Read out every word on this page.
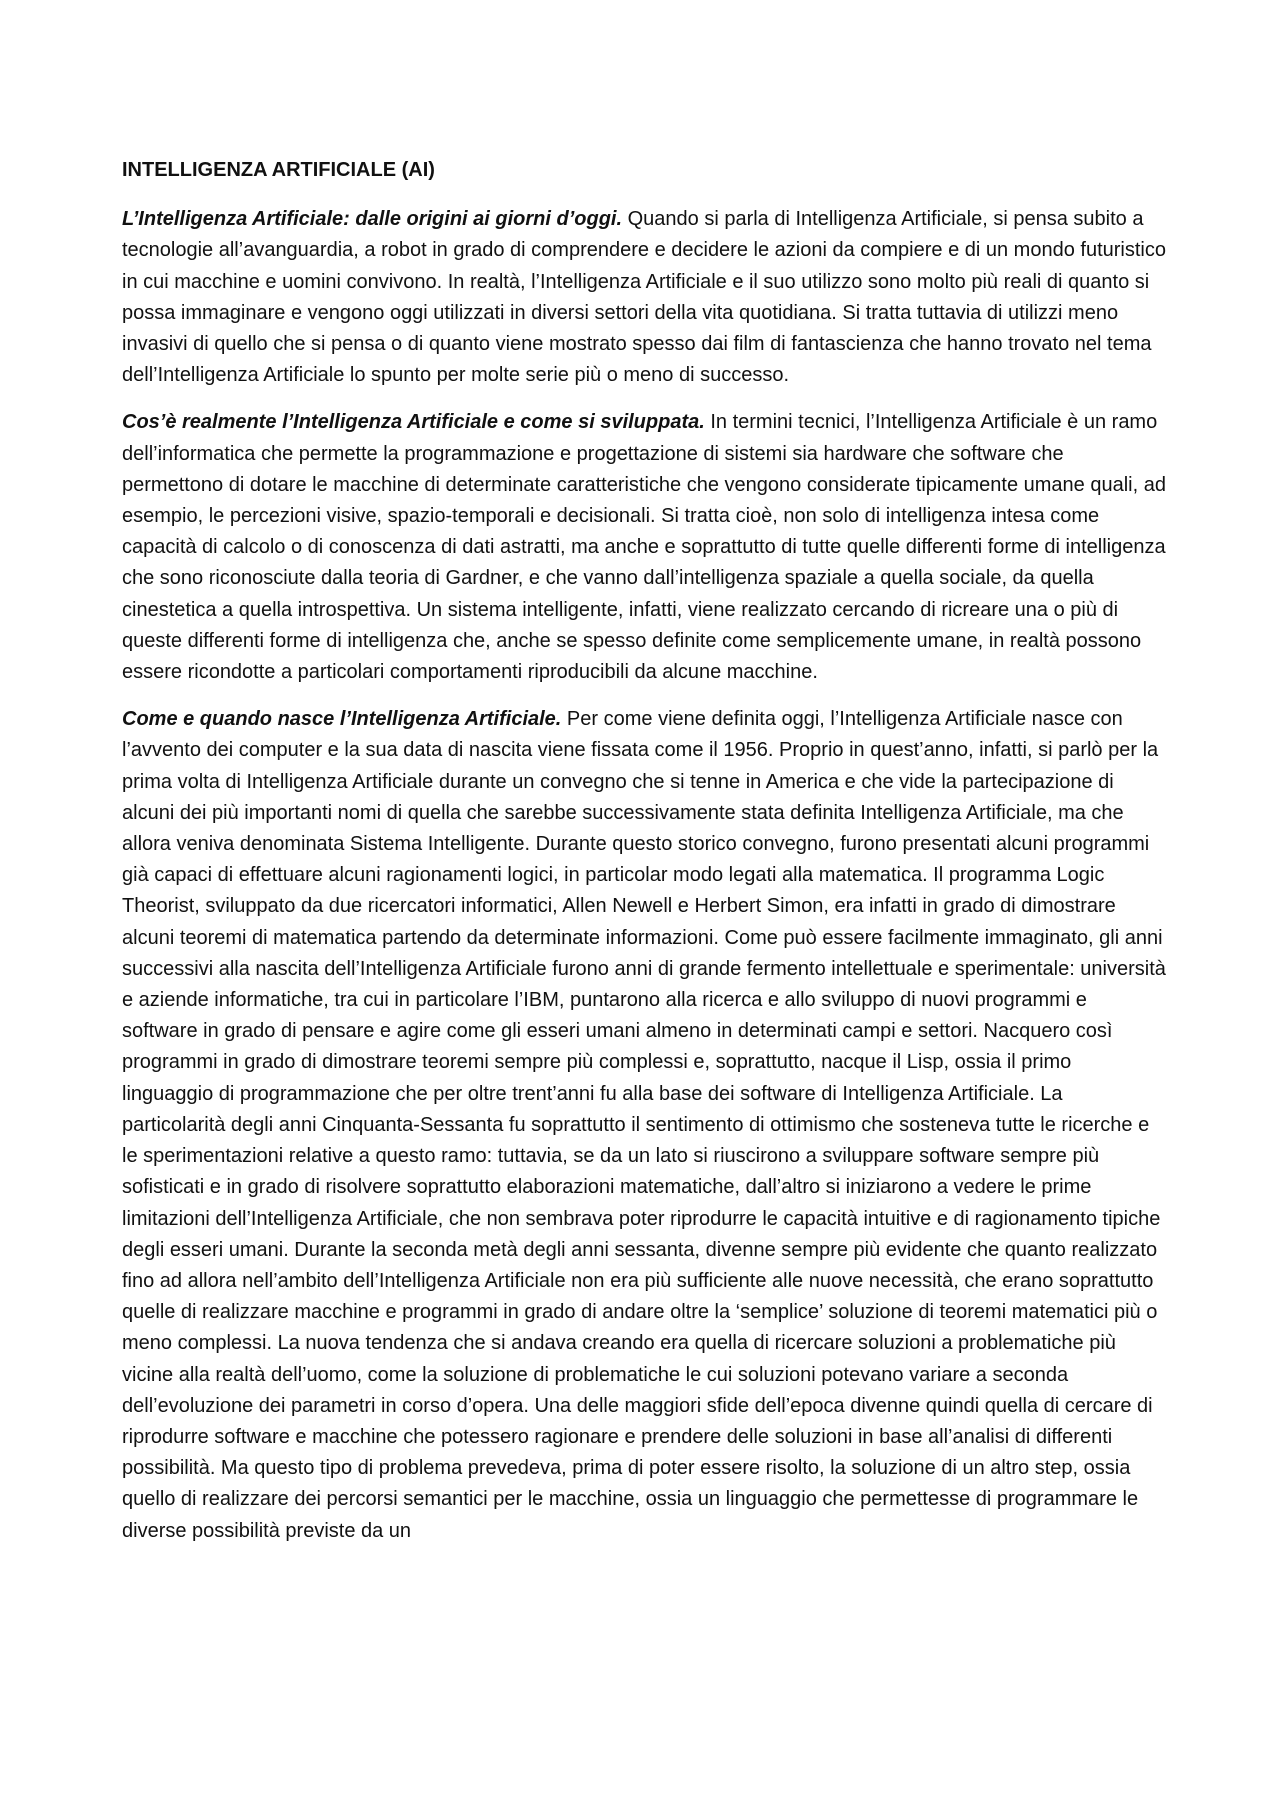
INTELLIGENZA ARTIFICIALE (AI)

L’Intelligenza Artificiale: dalle origini ai giorni d’oggi. Quando si parla di Intelligenza Artificiale, si pensa subito a tecnologie all’avanguardia, a robot in grado di comprendere e decidere le azioni da compiere e di un mondo futuristico in cui macchine e uomini convivono. In realtà, l’Intelligenza Artificiale e il suo utilizzo sono molto più reali di quanto si possa immaginare e vengono oggi utilizzati in diversi settori della vita quotidiana. Si tratta tuttavia di utilizzi meno invasivi di quello che si pensa o di quanto viene mostrato spesso dai film di fantascienza che hanno trovato nel tema dell’Intelligenza Artificiale lo spunto per molte serie più o meno di successo.

Cos’è realmente l’Intelligenza Artificiale e come si sviluppata. In termini tecnici, l’Intelligenza Artificiale è un ramo dell’informatica che permette la programmazione e progettazione di sistemi sia hardware che software che permettono di dotare le macchine di determinate caratteristiche che vengono considerate tipicamente umane quali, ad esempio, le percezioni visive, spazio-temporali e decisionali. Si tratta cioè, non solo di intelligenza intesa come capacità di calcolo o di conoscenza di dati astratti, ma anche e soprattutto di tutte quelle differenti forme di intelligenza che sono riconosciute dalla teoria di Gardner, e che vanno dall’intelligenza spaziale a quella sociale, da quella cinestetica a quella introspettiva. Un sistema intelligente, infatti, viene realizzato cercando di ricreare una o più di queste differenti forme di intelligenza che, anche se spesso definite come semplicemente umane, in realtà possono essere ricondotte a particolari comportamenti riproducibili da alcune macchine.

Come e quando nasce l’Intelligenza Artificiale. Per come viene definita oggi, l’Intelligenza Artificiale nasce con l’avvento dei computer e la sua data di nascita viene fissata come il 1956. Proprio in quest’anno, infatti, si parlò per la prima volta di Intelligenza Artificiale durante un convegno che si tenne in America e che vide la partecipazione di alcuni dei più importanti nomi di quella che sarebbe successivamente stata definita Intelligenza Artificiale, ma che allora veniva denominata Sistema Intelligente. Durante questo storico convegno, furono presentati alcuni programmi già capaci di effettuare alcuni ragionamenti logici, in particolar modo legati alla matematica. Il programma Logic Theorist, sviluppato da due ricercatori informatici, Allen Newell e Herbert Simon, era infatti in grado di dimostrare alcuni teoremi di matematica partendo da determinate informazioni. Come può essere facilmente immaginato, gli anni successivi alla nascita dell’Intelligenza Artificiale furono anni di grande fermento intellettuale e sperimentale: università e aziende informatiche, tra cui in particolare l’IBM, puntarono alla ricerca e allo sviluppo di nuovi programmi e software in grado di pensare e agire come gli esseri umani almeno in determinati campi e settori. Nacquero così programmi in grado di dimostrare teoremi sempre più complessi e, soprattutto, nacque il Lisp, ossia il primo linguaggio di programmazione che per oltre trent’anni fu alla base dei software di Intelligenza Artificiale. La particolarità degli anni Cinquanta-Sessanta fu soprattutto il sentimento di ottimismo che sosteneva tutte le ricerche e le sperimentazioni relative a questo ramo: tuttavia, se da un lato si riuscirono a sviluppare software sempre più sofisticati e in grado di risolvere soprattutto elaborazioni matematiche, dall’altro si iniziarono a vedere le prime limitazioni dell’Intelligenza Artificiale, che non sembrava poter riprodurre le capacità intuitive e di ragionamento tipiche degli esseri umani. Durante la seconda metà degli anni sessanta, divenne sempre più evidente che quanto realizzato fino ad allora nell’ambito dell’Intelligenza Artificiale non era più sufficiente alle nuove necessità, che erano soprattutto quelle di realizzare macchine e programmi in grado di andare oltre la ‘semplice’ soluzione di teoremi matematici più o meno complessi. La nuova tendenza che si andava creando era quella di ricercare soluzioni a problematiche più vicine alla realtà dell’uomo, come la soluzione di problematiche le cui soluzioni potevano variare a seconda dell’evoluzione dei parametri in corso d’opera. Una delle maggiori sfide dell’epoca divenne quindi quella di cercare di riprodurre software e macchine che potessero ragionare e prendere delle soluzioni in base all’analisi di differenti possibilità. Ma questo tipo di problema prevedeva, prima di poter essere risolto, la soluzione di un altro step, ossia quello di realizzare dei percorsi semantici per le macchine, ossia un linguaggio che permettesse di programmare le diverse possibilità previste da un
